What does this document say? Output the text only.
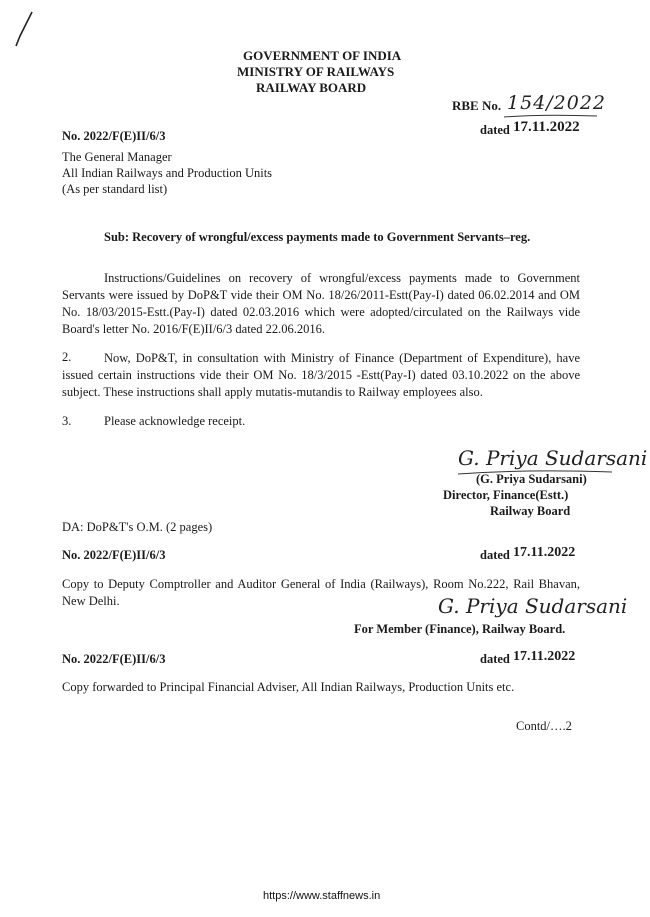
GOVERNMENT OF INDIA
MINISTRY OF RAILWAYS
RAILWAY BOARD
RBE No. 154/2022
No. 2022/F(E)II/6/3	dated 17.11.2022
The General Manager
All Indian Railways and Production Units
(As per standard list)
Sub: Recovery of wrongful/excess payments made to Government Servants–reg.
Instructions/Guidelines on recovery of wrongful/excess payments made to Government Servants were issued by DoP&T vide their OM No. 18/26/2011-Estt(Pay-I) dated 06.02.2014 and OM No. 18/03/2015-Estt.(Pay-I) dated 02.03.2016 which were adopted/circulated on the Railways vide Board's letter No. 2016/F(E)II/6/3 dated 22.06.2016.
2.	Now, DoP&T, in consultation with Ministry of Finance (Department of Expenditure), have issued certain instructions vide their OM No. 18/3/2015 -Estt(Pay-I) dated 03.10.2022 on the above subject. These instructions shall apply mutatis-mutandis to Railway employees also.
3.	Please acknowledge receipt.
G. Priya Sudarsani
(G. Priya Sudarsani)
Director, Finance(Estt.)
Railway Board
DA: DoP&T's O.M. (2 pages)
No. 2022/F(E)II/6/3	dated 17.11.2022
Copy to Deputy Comptroller and Auditor General of India (Railways), Room No.222, Rail Bhavan, New Delhi.	G. Priya Sudarsani
For Member (Finance), Railway Board.
No. 2022/F(E)II/6/3	dated 17.11.2022
Copy forwarded to Principal Financial Adviser, All Indian Railways, Production Units etc.
Contd/….2
https://www.staffnews.in
